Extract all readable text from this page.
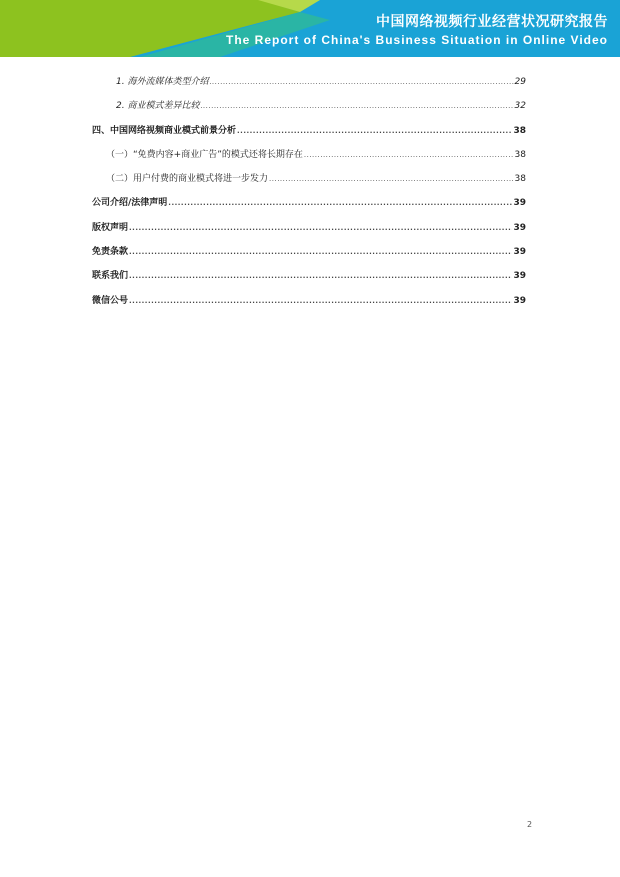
中国网络视频行业经营状况研究报告
The Report of China's Business Situation in Online Video
1. 海外流媒体类型介绍 .....	29
2. 商业模式差异比较 .....	32
四、中国网络视频商业模式前景分析 .....	38
（一）“免费内容+商业广告”的模式还将长期存在 .....	38
（二）用户付费的商业模式将进一步发力 .....	38
公司介绍/法律声明 .....	39
版权声明 .....	39
免责条款 .....	39
联系我们 .....	39
微信公号 .....	39
2
